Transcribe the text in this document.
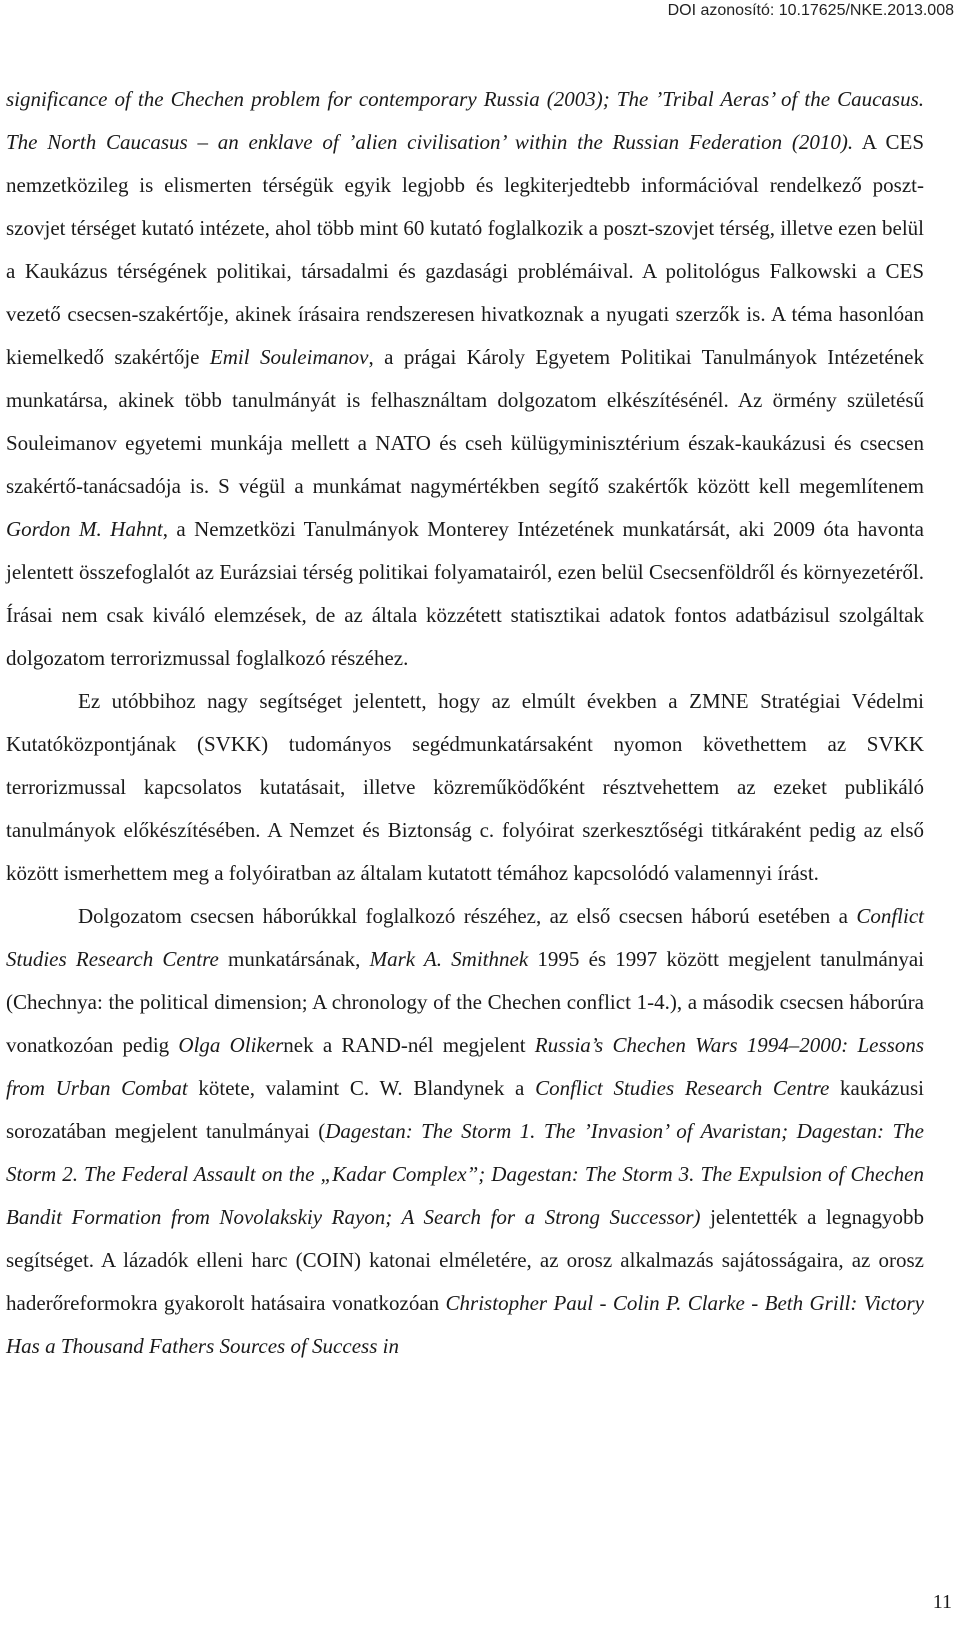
DOI azonosító: 10.17625/NKE.2013.008

significance of the Chechen problem for contemporary Russia (2003); The ’Tribal Aeras’ of the Caucasus. The North Caucasus – an enklave of ’alien civilisation’ within the Russian Federation (2010). A CES nemzetközileg is elismerten térségük egyik legjobb és legkiterjedtebb információval rendelkező poszt-szovjet térséget kutató intézete, ahol több mint 60 kutató foglalkozik a poszt-szovjet térség, illetve ezen belül a Kaukázus térségének politikai, társadalmi és gazdasági problémáival. A politológus Falkowski a CES vezető csecsen-szakértője, akinek írásaira rendszeresen hivatkoznak a nyugati szerzők is. A téma hasonlóan kiemelkedő szakértője Emil Souleimanov, a prágai Károly Egyetem Politikai Tanulmányok Intézetének munkatársa, akinek több tanulmányát is felhasználtam dolgozatom elkészítésénél. Az örmény születésű Souleimanov egyetemi munkája mellett a NATO és cseh külügyminisztérium észak-kaukázusi és csecsen szakértő-tanácsadója is. S végül a munkámat nagymértékben segítő szakértők között kell megemlítenem Gordon M. Hahnt, a Nemzetközi Tanulmányok Monterey Intézetének munkatársát, aki 2009 óta havonta jelentett összefoglalót az Eurázsiai térség politikai folyamatairól, ezen belül Csecsenföldről és környezetéről. Írásai nem csak kiváló elemzések, de az általa közzétett statisztikai adatok fontos adatbázisul szolgáltak dolgozatom terrorizmussal foglalkozó részéhez.

Ez utóbbihoz nagy segítséget jelentett, hogy az elmúlt években a ZMNE Stratégiai Védelmi Kutatóközpontjának (SVKK) tudományos segédmunkatársaként nyomon követhettem az SVKK terrorizmussal kapcsolatos kutatásait, illetve közreműködőként résztvehettem az ezeket publikáló tanulmányok előkészítésében. A Nemzet és Biztonság c. folyóirat szerkesztőségi titkáraként pedig az első között ismerhettem meg a folyóiratban az általam kutatott témához kapcsolódó valamennyi írást.

Dolgozatom csecsen háborúkkal foglalkozó részéhez, az első csecsen háború esetében a Conflict Studies Research Centre munkatársának, Mark A. Smithnek 1995 és 1997 között megjelent tanulmányai (Chechnya: the political dimension; A chronology of the Chechen conflict 1-4.), a második csecsen háborúra vonatkozóan pedig Olga Olikernek a RAND-nél megjelent Russia’s Chechen Wars 1994–2000: Lessons from Urban Combat kötete, valamint C. W. Blandynek a Conflict Studies Research Centre kaukázusi sorozatában megjelent tanulmányai (Dagestan: The Storm 1. The ’Invasion’ of Avaristan; Dagestan: The Storm 2. The Federal Assault on the „Kadar Complex”; Dagestan: The Storm 3. The Expulsion of Chechen Bandit Formation from Novolakskiy Rayon; A Search for a Strong Successor) jelentették a legnagyobb segítséget. A lázadók elleni harc (COIN) katonai elméletére, az orosz alkalmazás sajátosságaira, az orosz haderőreformokra gyakorolt hatásaira vonatkozóan Christopher Paul - Colin P. Clarke - Beth Grill: Victory Has a Thousand Fathers Sources of Success in

11
